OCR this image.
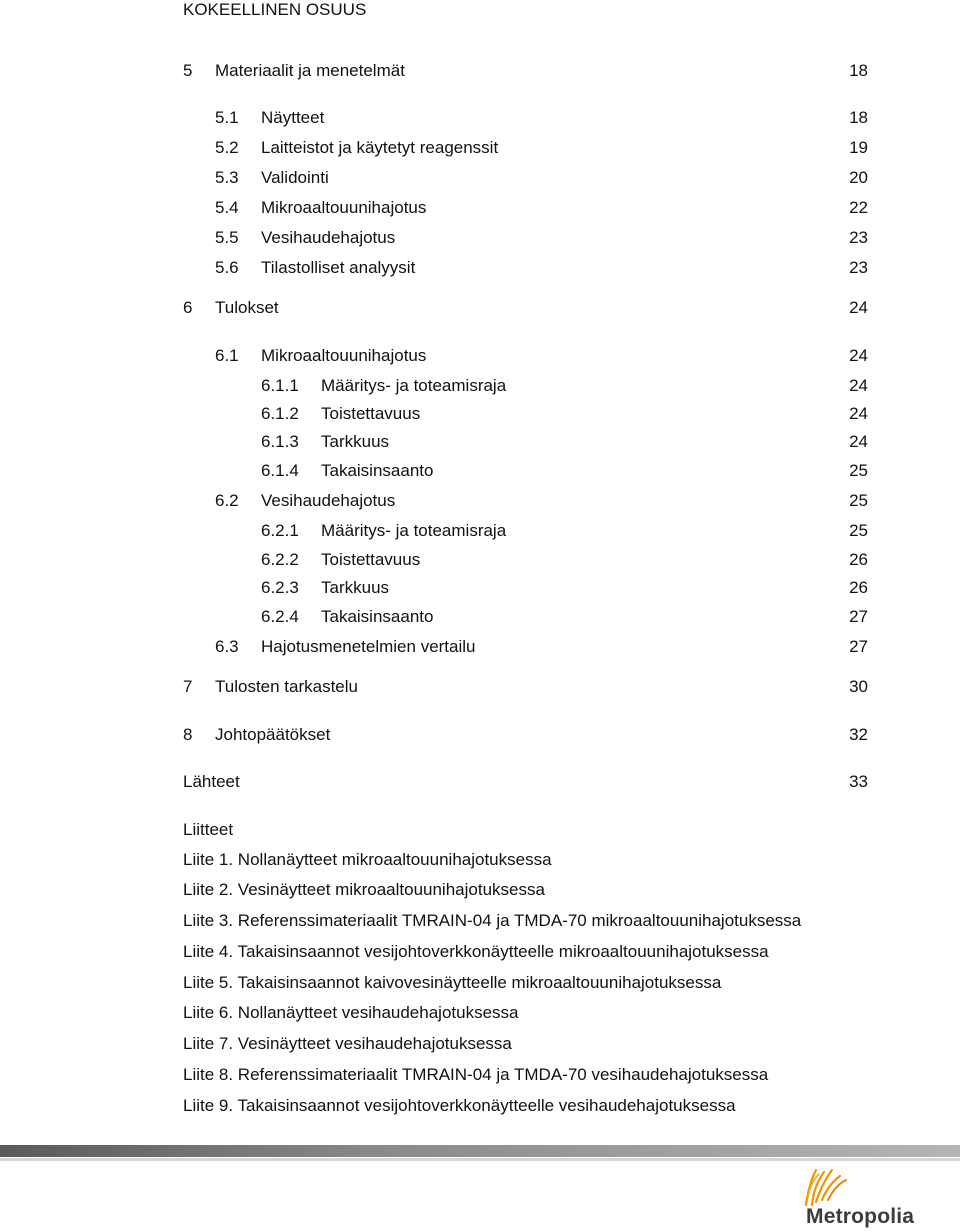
KOKEELLINEN OSUUS
5 Materiaalit ja menetelmät	18
5.1 Näytteet	18
5.2 Laitteistot ja käytetyt reagenssit	19
5.3 Validointi	20
5.4 Mikroaaltouunihajotus	22
5.5 Vesihaudehajotus	23
5.6 Tilastolliset analyysit	23
6 Tulokset	24
6.1 Mikroaaltouunihajotus	24
6.1.1 Määritys- ja toteamisraja	24
6.1.2 Toistettavuus	24
6.1.3 Tarkkuus	24
6.1.4 Takaisinsaanto	25
6.2 Vesihaudehajotus	25
6.2.1 Määritys- ja toteamisraja	25
6.2.2 Toistettavuus	26
6.2.3 Tarkkuus	26
6.2.4 Takaisinsaanto	27
6.3 Hajotusmenetelmien vertailu	27
7 Tulosten tarkastelu	30
8 Johtopäätökset	32
Lähteet	33
Liitteet
Liite 1. Nollanäytteet mikroaaltouunihajotuksessa
Liite 2. Vesinäytteet mikroaaltouunihajotuksessa
Liite 3. Referenssimateriaalit TMRAIN-04 ja TMDA-70 mikroaaltouunihajotuksessa
Liite 4. Takaisinsaannot vesijohtoverkkonäytteelle mikroaaltouunihajotuksessa
Liite 5. Takaisinsaannot kaivovesinäytteelle mikroaaltouunihajotuksessa
Liite 6. Nollanäytteet vesihaudehajotuksessa
Liite 7. Vesinäytteet vesihaudehajotuksessa
Liite 8. Referenssimateriaalit TMRAIN-04 ja TMDA-70 vesihaudehajotuksessa
Liite 9. Takaisinsaannot vesijohtoverkkonäytteelle vesihaudehajotuksessa
Metropolia
